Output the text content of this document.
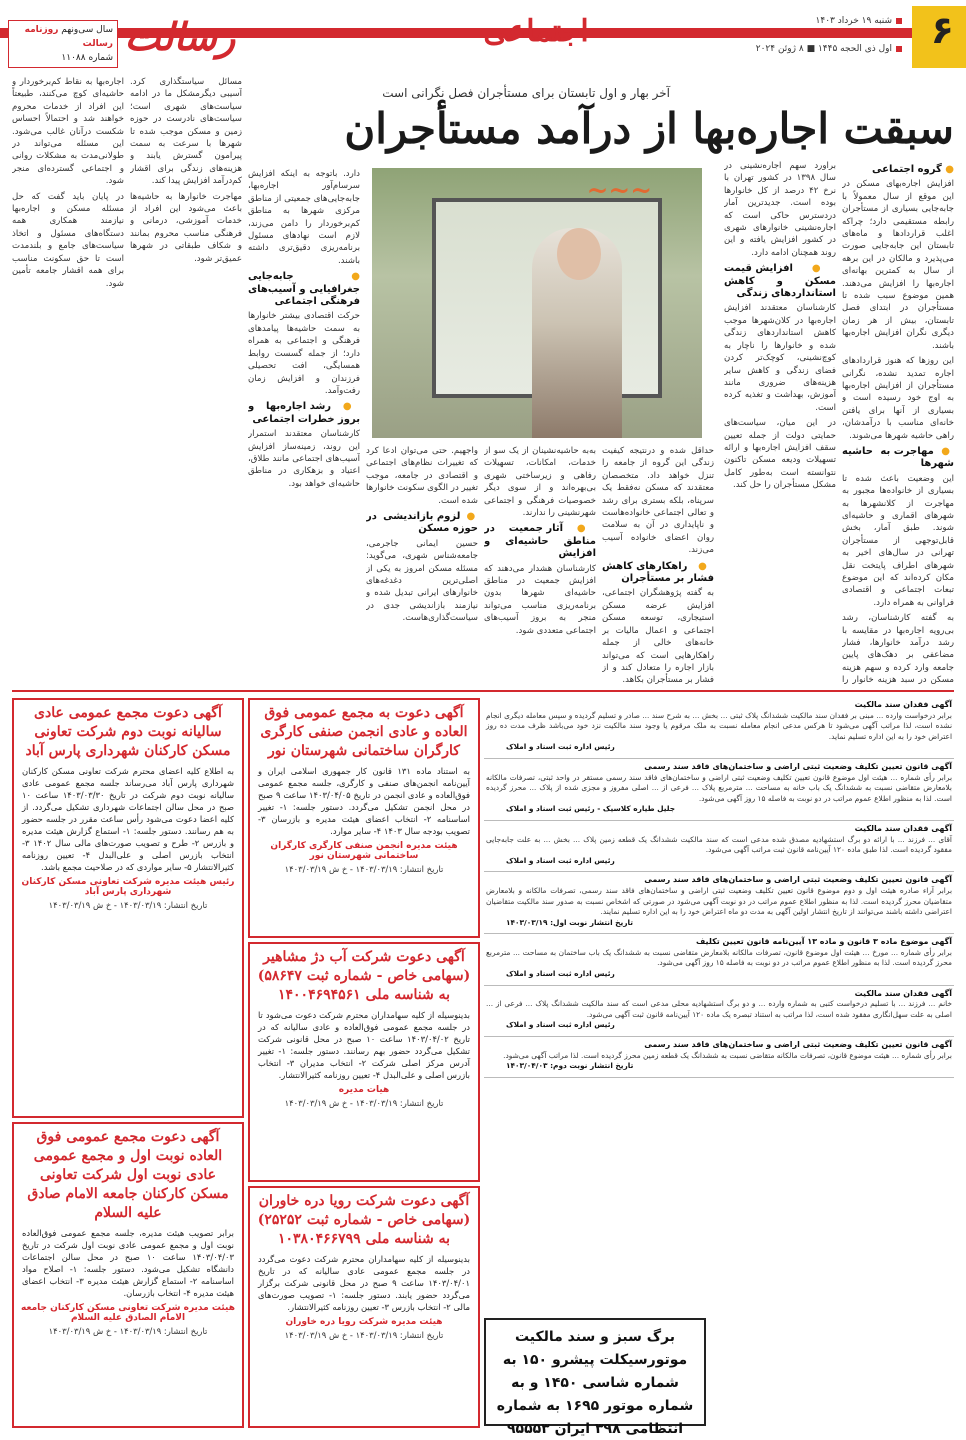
۶
شنبه ۱۹ خرداد ۱۴۰۳
اول ذی الحجه ۱۴۴۵ ■ ۸ ژوئن ۲۰۲۴
اجتماعی
رسالت
سال سی‌ونهم روزنامه رسالت
شماره ۱۱۰۸۸
آخر بهار و اول تابستان برای مستأجران فصل نگرانی است
سبقت اجاره‌بها از درآمد مستأجران
● گروه اجتماعی

افزایش اجاره‌بهای مسکن در این موقع از سال معمولاً با جابه‌جایی بسیاری از مستأجران رابطه مستقیمی دارد؛ چراکه اغلب قراردادها و ماه‌های تابستان این جابه‌جایی صورت می‌پذیرد و مالکان در این برهه از سال به کمترین بهانه‌ای اجاره‌بها را افزایش می‌دهند. همین موضوع سبب شده تا مستأجران در ابتدای فصل تابستان، بیش از هر زمان دیگری نگران افزایش اجاره‌بها باشند.

این روزها که هنوز قراردادهای اجاره تمدید نشده، نگرانی مستأجران از افزایش اجاره‌بها به اوج خود رسیده است و بسیاری از آنها برای یافتن خانه‌ای مناسب با درآمدشان، راهی حاشیه شهرها می‌شوند.

● مهاجرت به حاشیه شهرها

این وضعیت باعث شده تا بسیاری از خانواده‌ها مجبور به مهاجرت از کلانشهرها به شهرهای اقماری و حاشیه‌ای شوند. طبق آمار، بخش قابل‌توجهی از مستأجران تهرانی در سال‌های اخیر به شهرهای اطراف پایتخت نقل مکان کرده‌اند که این موضوع تبعات اجتماعی و اقتصادی فراوانی به همراه دارد.

به گفته کارشناسان، رشد بی‌رویه اجاره‌بها در مقایسه با رشد درآمد خانوارها، فشار مضاعفی بر دهک‌های پایین جامعه وارد کرده و سهم هزینه مسکن در سبد هزینه خانوار را

براورد سهم اجاره‌نشینی در سال ۱۳۹۸ در کشور تهران با نرخ ۴۲ درصد از کل خانوارها بوده است. جدیدترین آمار دردسترس حاکی است که اجاره‌نشینی خانوارهای شهری در کشور افزایش یافته و این روند همچنان ادامه دارد.

● افزایش قیمت مسکن و کاهش استانداردهای زندگی

کارشناسان معتقدند افزایش اجاره‌بها در کلان‌شهرها موجب کاهش استانداردهای زندگی شده و خانوارها را ناچار به کوچ‌نشینی، کوچک‌تر کردن فضای زندگی و کاهش سایر هزینه‌های ضروری مانند آموزش، بهداشت و تغذیه کرده است.

در این میان، سیاست‌های حمایتی دولت از جمله تعیین سقف افزایش اجاره‌بها و ارائه تسهیلات ودیعه مسکن تاکنون نتوانسته است به‌طور کامل مشکل مستأجران را حل کند.

~~~

حداقل شده و درنتیجه کیفیت زندگی این گروه از جامعه را تنزل خواهد داد. متخصصان معتقدند که مسکن نه‌فقط یک سرپناه، بلکه بستری برای رشد و تعالی اجتماعی خانواده‌هاست و ناپایداری در آن به سلامت روان اعضای خانواده آسیب می‌زند.

● راهکارهای کاهش فشار بر مستأجران

به گفته پژوهشگران اجتماعی، افزایش عرضه مسکن استیجاری، توسعه مسکن اجتماعی و اعمال مالیات بر خانه‌های خالی از جمله راهکارهایی است که می‌تواند بازار اجاره را متعادل کند و از فشار بر مستأجران بکاهد.

به‌به حاشیه‌نشینان از یک سو از خدمات، امکانات، تسهیلات رفاهی و زیرساختی شهری بی‌بهره‌اند و از سوی دیگر خصوصیات فرهنگی و اجتماعی شهرنشینی را ندارند.

● آثار جمعیت در مناطق حاشیه‌ای و افزایش

کارشناسان هشدار می‌دهند که افزایش جمعیت در مناطق حاشیه‌ای شهرها بدون برنامه‌ریزی مناسب می‌تواند منجر به بروز آسیب‌های اجتماعی متعددی شود.

واجهیم. حتی می‌توان ادعا کرد که تغییرات نظام‌های اجتماعی و اقتصادی در جامعه، موجب تغییر در الگوی سکونت خانوارها شده است.

● لزوم بازاندیشی در حوزه مسکن

حسین ایمانی جاجرمی، جامعه‌شناس شهری، می‌گوید: مسئله مسکن امروز به یکی از اصلی‌ترین دغدغه‌های خانوارهای ایرانی تبدیل شده و نیازمند بازاندیشی جدی در سیاست‌گذاری‌هاست.

دارد. باتوجه به اینکه افزایش سرسام‌آور اجاره‌بها، جابه‌جایی‌های جمعیتی از مناطق مرکزی شهرها به مناطق کم‌برخوردار را دامن می‌زند، لازم است نهادهای مسئول برنامه‌ریزی دقیق‌تری داشته باشند.

● جابه‌جایی جغرافیایی و آسیب‌های فرهنگی اجتماعی

حرکت اقتصادی بیشتر خانوارها به سمت حاشیه‌ها پیامدهای فرهنگی و اجتماعی به همراه دارد؛ از جمله گسست روابط همسایگی، افت تحصیلی فرزندان و افزایش زمان رفت‌وآمد.

● رشد اجاره‌بها و بروز خطرات اجتماعی

کارشناسان معتقدند استمرار این روند، زمینه‌ساز افزایش آسیب‌های اجتماعی مانند طلاق، اعتیاد و بزهکاری در مناطق حاشیه‌ای خواهد بود.

مسائل سیاستگذاری کرد. آسیبی دیگرمشکل ما در ادامه سیاست‌های شهری است؛ سیاست‌های نادرست در حوزه زمین و مسکن موجب شده تا شهرها با سرعت به سمت پیرامون گسترش یابند و هزینه‌های زندگی برای اقشار کم‌درآمد افزایش پیدا کند.

مهاجرت خانوارها به حاشیه‌ها باعث می‌شود این افراد از خدمات آموزشی، درمانی و فرهنگی مناسب محروم بمانند و شکاف طبقاتی در شهرها عمیق‌تر شود.

اجاره‌بها به نقاط کم‌برخوردار و حاشیه‌ای کوچ می‌کنند، طبیعتاً این افراد از خدمات محروم خواهند شد و احتمالاً احساس شکست درآنان غالب می‌شود. این مسئله می‌تواند در طولانی‌مدت به مشکلات روانی و اجتماعی گسترده‌ای منجر شود.

در پایان باید گفت که حل مسئله مسکن و اجاره‌بها نیازمند همکاری همه دستگاه‌های مسئول و اتخاذ سیاست‌های جامع و بلندمدت است تا حق سکونت مناسب برای همه اقشار جامعه تأمین شود.

آگهی دعوت مجمع عمومی عادی سالیانه نوبت دوم شرکت تعاونی مسکن کارکنان شهرداری پارس آباد
به اطلاع کلیه اعضای محترم شرکت تعاونی مسکن کارکنان شهرداری پارس آباد می‌رساند جلسه مجمع عمومی عادی سالیانه نوبت دوم شرکت در تاریخ ۱۴۰۳/۰۳/۳۰ ساعت ۱۰ صبح در محل سالن اجتماعات شهرداری تشکیل می‌گردد. از کلیه اعضا دعوت می‌شود رأس ساعت مقرر در جلسه حضور به هم رسانند. دستور جلسه: ۱- استماع گزارش هیئت مدیره و بازرس ۲- طرح و تصویب صورت‌های مالی سال ۱۴۰۲ ۳- انتخاب بازرس اصلی و علی‌البدل ۴- تعیین روزنامه کثیرالانتشار ۵- سایر مواردی که در صلاحیت مجمع باشد.
رئیس هیئت مدیره شرکت تعاونی مسکن کارکنان شهرداری پارس آباد
تاریخ انتشار: ۱۴۰۳/۰۳/۱۹ - خ ش ۱۴۰۳/۰۳/۱۹
آگهی دعوت به مجمع عمومی فوق العاده و عادی انجمن صنفی کارگری کارگران ساختمانی شهرستان نور
به استناد ماده ۱۳۱ قانون کار جمهوری اسلامی ایران و آیین‌نامه انجمن‌های صنفی و کارگری، جلسه مجمع عمومی فوق‌العاده و عادی انجمن در تاریخ ۱۴۰۳/۰۴/۰۵ ساعت ۹ صبح در محل انجمن تشکیل می‌گردد. دستور جلسه: ۱- تغییر اساسنامه ۲- انتخاب اعضای هیئت مدیره و بازرسان ۳- تصویب بودجه سال ۱۴۰۳ ۴- سایر موارد.
هیئت مدیره انجمن صنفی کارگری کارگران ساختمانی شهرستان نور
تاریخ انتشار: ۱۴۰۳/۰۳/۱۹ - خ ش ۱۴۰۳/۰۳/۱۹
آگهی دعوت شرکت آب دژ مشاهیر (سهامی خاص - شماره ثبت ۵۸۶۴۷) به شناسه ملی ۱۴۰۰۴۶۹۴۵۶۱
بدینوسیله از کلیه سهامداران محترم شرکت دعوت می‌شود تا در جلسه مجمع عمومی فوق‌العاده و عادی سالیانه که در تاریخ ۱۴۰۳/۰۴/۰۲ ساعت ۱۰ صبح در محل قانونی شرکت تشکیل می‌گردد حضور بهم رسانند. دستور جلسه: ۱- تغییر آدرس مرکز اصلی شرکت ۲- انتخاب مدیران ۳- انتخاب بازرس اصلی و علی‌البدل ۴- تعیین روزنامه کثیرالانتشار.
هیات مدیره
تاریخ انتشار: ۱۴۰۳/۰۳/۱۹ - خ ش ۱۴۰۳/۰۳/۱۹
آگهی دعوت مجمع عمومی فوق العاده نوبت اول و مجمع عمومی عادی نوبت اول شرکت تعاونی مسکن کارکنان جامعه الامام صادق علیه السلام
برابر تصویب هیئت مدیره، جلسه مجمع عمومی فوق‌العاده نوبت اول و مجمع عمومی عادی نوبت اول شرکت در تاریخ ۱۴۰۳/۰۴/۰۳ ساعت ۱۰ صبح در محل سالن اجتماعات دانشگاه تشکیل می‌شود. دستور جلسه: ۱- اصلاح مواد اساسنامه ۲- استماع گزارش هیئت مدیره ۳- انتخاب اعضای هیئت مدیره ۴- انتخاب بازرسان.
هیئت مدیره شرکت تعاونی مسکن کارکنان جامعه الامام الصادق علیه السلام
تاریخ انتشار: ۱۴۰۳/۰۳/۱۹ - خ ش ۱۴۰۳/۰۳/۱۹
آگهی دعوت شرکت رویا دره خاوران (سهامی خاص - شماره ثبت ۲۵۲۵۲) به شناسه ملی ۱۰۳۸۰۴۶۶۷۹۹
بدینوسیله از کلیه سهامداران محترم شرکت دعوت می‌گردد در جلسه مجمع عمومی عادی سالیانه که در تاریخ ۱۴۰۳/۰۴/۰۱ ساعت ۹ صبح در محل قانونی شرکت برگزار می‌گردد حضور یابند. دستور جلسه: ۱- تصویب صورت‌های مالی ۲- انتخاب بازرس ۳- تعیین روزنامه کثیرالانتشار.
هیئت مدیره شرکت رویا دره خاوران
تاریخ انتشار: ۱۴۰۳/۰۳/۱۹ - خ ش ۱۴۰۳/۰۳/۱۹
آگهی فقدان سند مالکیت
برابر درخواست وارده ... مبنی بر فقدان سند مالکیت ششدانگ پلاک ثبتی ... بخش ... به شرح سند ... صادر و تسلیم گردیده و سپس معامله دیگری انجام نشده است، لذا مراتب آگهی می‌شود تا هرکس مدعی انجام معامله نسبت به ملک مرقوم یا وجود سند مالکیت نزد خود می‌باشد ظرف مدت ده روز اعتراض خود را به این اداره تسلیم نماید.
رئیس اداره ثبت اسناد و املاک
آگهی قانون تعیین تکلیف وضعیت ثبتی اراضی و ساختمان‌های فاقد سند رسمی
برابر رأی شماره ... هیئت اول موضوع قانون تعیین تکلیف وضعیت ثبتی اراضی و ساختمان‌های فاقد سند رسمی مستقر در واحد ثبتی، تصرفات مالکانه بلامعارض متقاضی نسبت به ششدانگ یک باب خانه به مساحت ... مترمربع پلاک ... فرعی از ... اصلی مفروز و مجزی شده از پلاک ... محرز گردیده است. لذا به منظور اطلاع عموم مراتب در دو نوبت به فاصله ۱۵ روز آگهی می‌شود.
جلیل طیاره کلاسیک - رئیس ثبت اسناد و املاک
آگهی فقدان سند مالکیت
آقای ... فرزند ... با ارائه دو برگ استشهادیه مصدق شده مدعی است که سند مالکیت ششدانگ یک قطعه زمین پلاک ... بخش ... به علت جابه‌جایی مفقود گردیده است. لذا طبق ماده ۱۲۰ آیین‌نامه قانون ثبت مراتب آگهی می‌شود.
رئیس اداره ثبت اسناد و املاک
آگهی قانون تعیین تکلیف وضعیت ثبتی اراضی و ساختمان‌های فاقد سند رسمی
برابر آراء صادره هیئت اول و دوم موضوع قانون تعیین تکلیف وضعیت ثبتی اراضی و ساختمان‌های فاقد سند رسمی، تصرفات مالکانه و بلامعارض متقاضیان محرز گردیده است. لذا به منظور اطلاع عموم مراتب در دو نوبت آگهی می‌شود در صورتی که اشخاص نسبت به صدور سند مالکیت متقاضیان اعتراضی داشته باشند می‌توانند از تاریخ انتشار اولین آگهی به مدت دو ماه اعتراض خود را به این اداره تسلیم نمایند.
تاریخ انتشار نوبت اول: ۱۴۰۳/۰۳/۱۹
آگهی موضوع ماده ۳ قانون و ماده ۱۳ آیین‌نامه قانون تعیین تکلیف
برابر رأی شماره ... مورخ ... هیئت اول موضوع قانون، تصرفات مالکانه بلامعارض متقاضی نسبت به ششدانگ یک باب ساختمان به مساحت ... مترمربع محرز گردیده است. لذا به منظور اطلاع عموم مراتب در دو نوبت به فاصله ۱۵ روز آگهی می‌شود.
رئیس اداره ثبت اسناد و املاک
آگهی فقدان سند مالکیت
خانم ... فرزند ... با تسلیم درخواست کتبی به شماره وارده ... و دو برگ استشهادیه محلی مدعی است که سند مالکیت ششدانگ پلاک ... فرعی از ... اصلی به علت سهل‌انگاری مفقود شده است، لذا مراتب به استناد تبصره یک ماده ۱۲۰ آیین‌نامه قانون ثبت آگهی می‌شود.
رئیس اداره ثبت اسناد و املاک
آگهی قانون تعیین تکلیف وضعیت ثبتی اراضی و ساختمان‌های فاقد سند رسمی
برابر رأی شماره ... هیئت موضوع قانون، تصرفات مالکانه متقاضی نسبت به ششدانگ یک قطعه زمین محرز گردیده است. لذا مراتب آگهی می‌شود.
تاریخ انتشار نوبت دوم: ۱۴۰۳/۰۴/۰۳
برگ سبز و سند مالکیت موتورسیکلت پیشرو ۱۵۰ به شماره شاسی ۱۴۵۰ و به شماره موتور ۱۶۹۵ به شماره انتظامی ۳۹۸ ایران ۹۵۵۵۳
